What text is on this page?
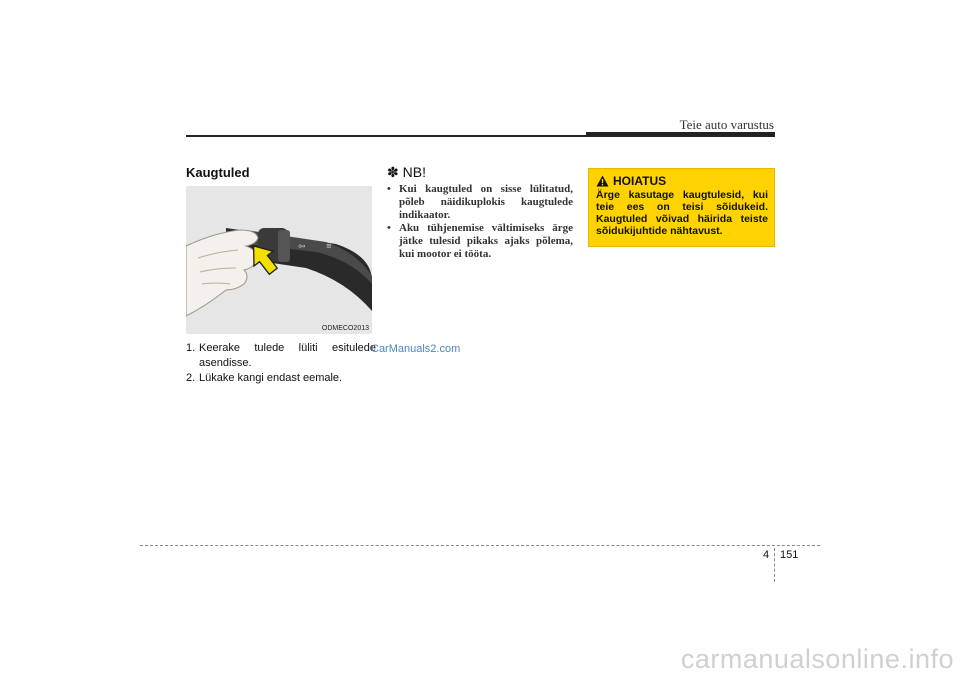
Teie auto varustus
Kaugtuled
⇦	≡
ODMECO2013
1. Keerake tulede lüliti esitulede asendisse.
2. Lükake kangi endast eemale.
CarManuals2.com
✽ NB!
• Kui kaugtuled on sisse lülitatud, põleb näidikuplokis kaugtulede indikaator.
• Aku tühjenemise vältimiseks ärge jätke tulesid pikaks ajaks põlema, kui mootor ei tööta.
HOIATUS
Ärge kasutage kaugtulesid, kui teie ees on teisi sõidukeid. Kaugtuled võivad häirida teiste sõidukijuhtide nähtavust.
4 151
carmanualsonline.info
